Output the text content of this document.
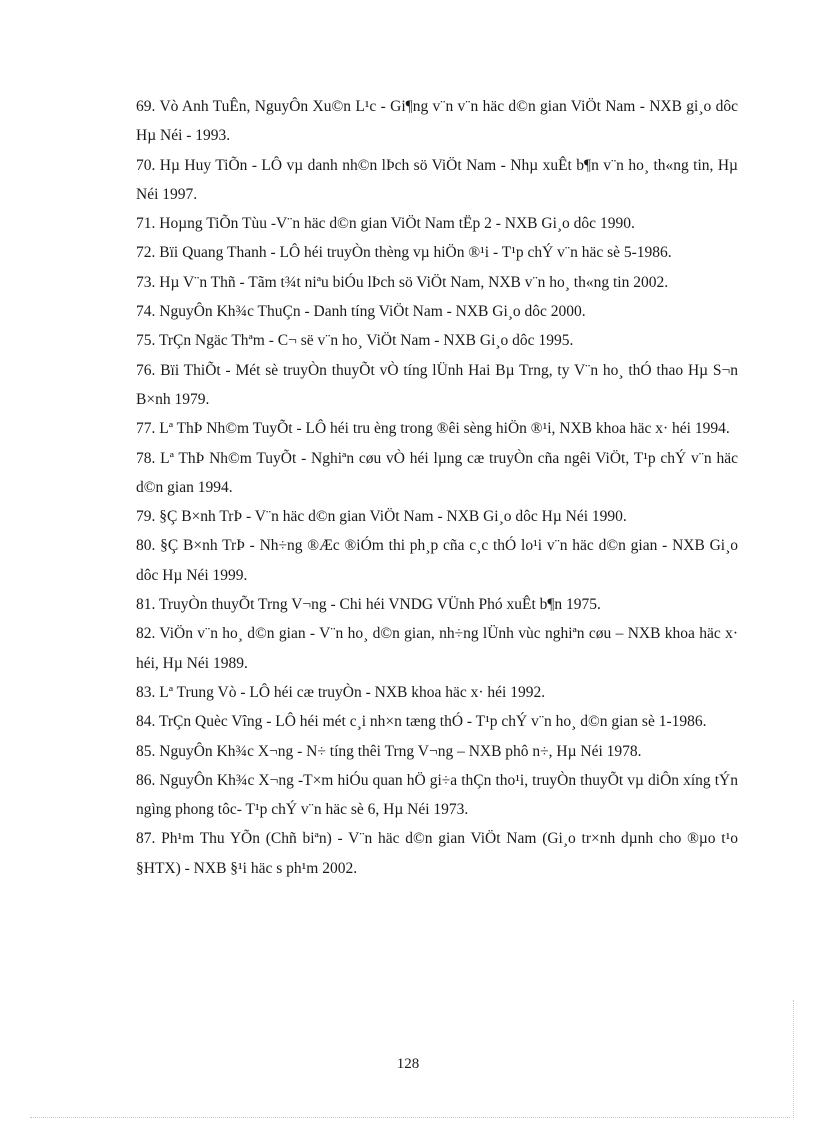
69. Vò Anh TuÊn, NguyÔn Xu©n L¹c - Gi¶ng v¨n v¨n häc d©n gian ViÖt Nam - NXB gi¸o dôc Hµ Néi - 1993.
70. Hµ Huy TiÕn - LÔ vµ danh nh©n lÞch sö ViÖt Nam - Nhµ xuÊt b¶n v¨n ho¸ th«ng tin, Hµ Néi 1997.
71. Hoµng TiÕn Tùu -V¨n häc d©n gian ViÖt Nam tËp 2 - NXB Gi¸o dôc 1990.
72. Bïi Quang Thanh - LÔ héi truyÒn thèng vµ hiÖn ®¹i - T¹p chÝ v¨n häc sè 5-1986.
73. Hµ V¨n Thñ - Tãm t¾t niªu biÓu lÞch sö ViÖt Nam, NXB v¨n ho¸ th«ng tin 2002.
74. NguyÔn Kh¾c ThuÇn - Danh tíng ViÖt Nam - NXB Gi¸o dôc 2000.
75. TrÇn Ngäc Thªm - C¬ së v¨n ho¸ ViÖt Nam - NXB Gi¸o dôc 1995.
76. Bïi ThiÕt - Mét sè truyÒn thuyÕt vÒ tíng lÜnh Hai Bµ Trng, ty V¨n ho¸ thÓ thao Hµ S¬n B×nh 1979.
77. Lª ThÞ Nh©m TuyÕt - LÔ héi tru èng trong ®êi sèng hiÖn ®¹i, NXB khoa häc x· héi 1994.
78. Lª ThÞ Nh©m TuyÕt - Nghiªn cøu vÒ héi lµng cæ truyÒn cña ngêi ViÖt, T¹p chÝ v¨n häc d©n gian 1994.
79. §Ç B×nh TrÞ - V¨n häc d©n gian ViÖt Nam - NXB Gi¸o dôc Hµ Néi 1990.
80. §Ç B×nh TrÞ - Nh÷ng ®Æc ®iÓm thi ph¸p cña c¸c thÓ lo¹i v¨n häc d©n gian - NXB Gi¸o dôc Hµ Néi 1999.
81. TruyÒn thuyÕt Trng V¬ng - Chi héi VNDG VÜnh Phó xuÊt b¶n 1975.
82. ViÖn v¨n ho¸ d©n gian - V¨n ho¸ d©n gian, nh÷ng lÜnh vùc nghiªn cøu – NXB khoa häc x· héi, Hµ Néi 1989.
83. Lª Trung Vò - LÔ héi cæ truyÒn - NXB khoa häc x· héi 1992.
84. TrÇn Quèc Vîng - LÔ héi mét c¸i nh×n tæng thÓ - T¹p chÝ v¨n ho¸ d©n gian sè 1-1986.
85. NguyÔn Kh¾c X¬ng - N÷ tíng thêi Trng V¬ng – NXB phô n÷, Hµ Néi 1978.
86. NguyÔn Kh¾c X¬ng -T×m hiÓu quan hÖ gi÷a thÇn tho¹i, truyÒn thuyÕt vµ diÔn xíng tÝn ngìng phong tôc- T¹p chÝ v¨n häc sè 6, Hµ Néi 1973.
87. Ph¹m Thu YÕn (Chñ biªn) - V¨n häc d©n gian ViÖt Nam (Gi¸o tr×nh dµnh cho ®µo t¹o §HTX) - NXB §¹i häc s ph¹m 2002.
128
